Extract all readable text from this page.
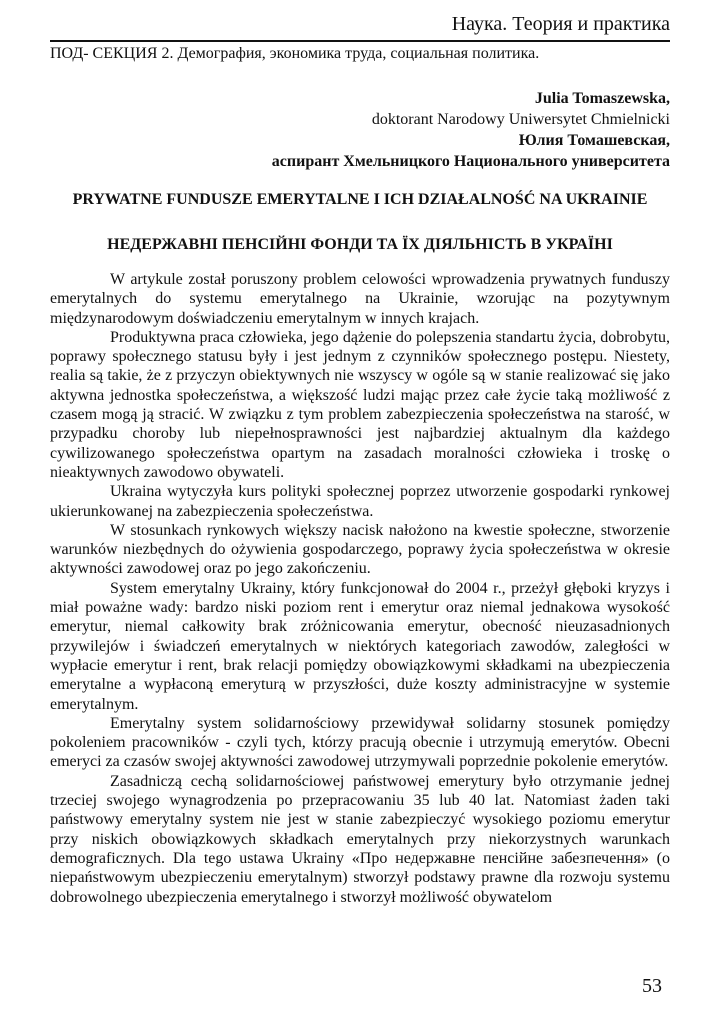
Наука. Теория и практика
ПОД- СЕКЦИЯ 2. Демография, экономика труда, социальная политика.
Julia Tomaszewska,
doktorant Narodowy Uniwersytet Chmielnicki
Юлия Томашевская,
аспирант Хмельницкого Национального университета
PRYWATNE FUNDUSZE EMERYTALNE I ICH DZIAŁALNOŚĆ NA UKRAINIE
НЕДЕРЖАВНІ ПЕНСІЙНІ ФОНДИ ТА ЇХ ДІЯЛЬНІСТЬ В УКРАЇНІ

W artykule został poruszony problem celowości wprowadzenia prywatnych funduszy emerytalnych do systemu emerytalnego na Ukrainie, wzorując na pozytywnym międzynarodowym doświadczeniu emerytalnym w innych krajach.

Produktywna praca człowieka, jego dążenie do polepszenia standartu życia, dobrobytu, poprawy społecznego statusu były i jest jednym z czynników społecznego postępu. Niestety, realia są takie, że z przyczyn obiektywnych nie wszyscy w ogóle są w stanie realizować się jako aktywna jednostka społeczeństwa, a większość ludzi mając przez całe życie taką możliwość z czasem mogą ją stracić. W związku z tym problem zabezpieczenia społeczeństwa na starość, w przypadku choroby lub niepełnosprawności jest najbardziej aktualnym dla każdego cywilizowanego społeczeństwa opartym na zasadach moralności człowieka i troskę o nieaktywnych zawodowo obywateli.

Ukraina wytyczyła kurs polityki społecznej poprzez utworzenie gospodarki rynkowej ukierunkowanej na zabezpieczenia społeczeństwa.

W stosunkach rynkowych większy nacisk nałożono na kwestie społeczne, stworzenie warunków niezbędnych do ożywienia gospodarczego, poprawy życia społeczeństwa w okresie aktywności zawodowej oraz po jego zakończeniu.

System emerytalny Ukrainy, który funkcjonował do 2004 r., przeżył głęboki kryzys i miał poważne wady: bardzo niski poziom rent i emerytur oraz niemal jednakowa wysokość emerytur, niemal całkowity brak zróżnicowania emerytur, obecność nieuzasadnionych przywilejów i świadczeń emerytalnych w niektórych kategoriach zawodów, zaległości w wypłacie emerytur i rent, brak relacji pomiędzy obowiązkowymi składkami na ubezpieczenia emerytalne a wypłaconą emeryturą w przyszłości, duże koszty administracyjne w systemie emerytalnym.

Emerytalny system solidarnościowy przewidywał solidarny stosunek pomiędzy pokoleniem pracowników - czyli tych, którzy pracują obecnie i utrzymują emerytów. Obecni emeryci za czasów swojej aktywności zawodowej utrzymywali poprzednie pokolenie emerytów.

Zasadniczą cechą solidarnościowej państwowej emerytury było otrzymanie jednej trzeciej swojego wynagrodzenia po przepracowaniu 35 lub 40 lat. Natomiast żaden taki państwowy emerytalny system nie jest w stanie zabezpieczyć wysokiego poziomu emerytur przy niskich obowiązkowych składkach emerytalnych przy niekorzystnych warunkach demograficznych. Dla tego ustawa Ukrainy «Про недержавне пенсійне забезпечення» (o niepaństwowym ubezpieczeniu emerytalnym) stworzył podstawy prawne dla rozwoju systemu dobrowolnego ubezpieczenia emerytalnego i stworzył możliwość obywatelom

53
